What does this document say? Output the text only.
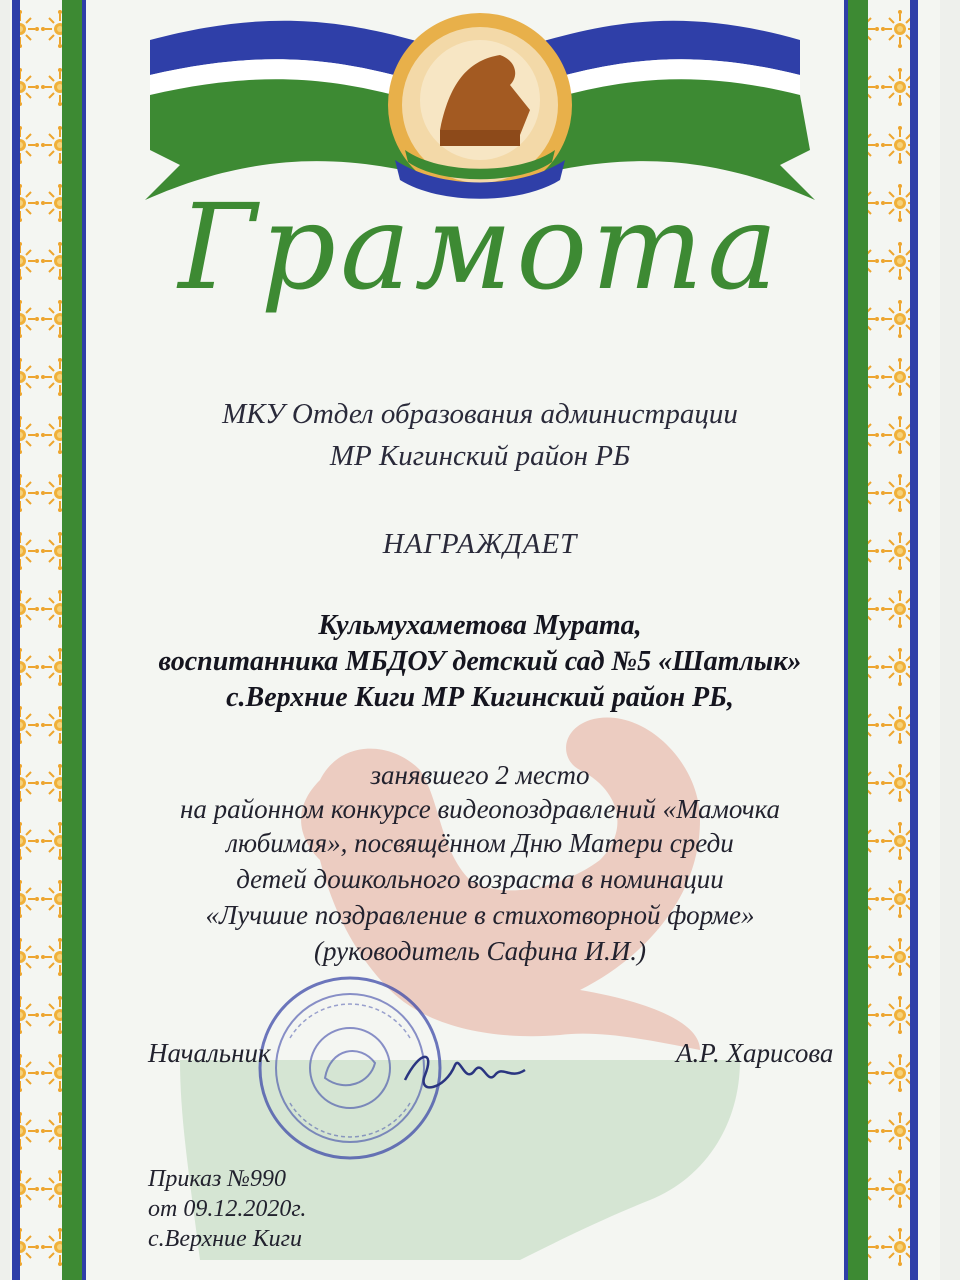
Грамота
МКУ Отдел образования администрации
МР Кигинский район РБ
НАГРАЖДАЕТ
Кульмухаметова Мурата,
воспитанника МБДОУ детский сад №5 «Шатлык»
с.Верхние Киги МР Кигинский район РБ,
занявшего 2 место
на районном конкурсе видеопоздравлений «Мамочка
любимая», посвящённом Дню Матери среди
детей дошкольного возраста в номинации
«Лучшие поздравление в стихотворной форме»
(руководитель Сафина И.И.)
Начальник	А.Р. Харисова
Приказ №990
от 09.12.2020г.
с.Верхние Киги
